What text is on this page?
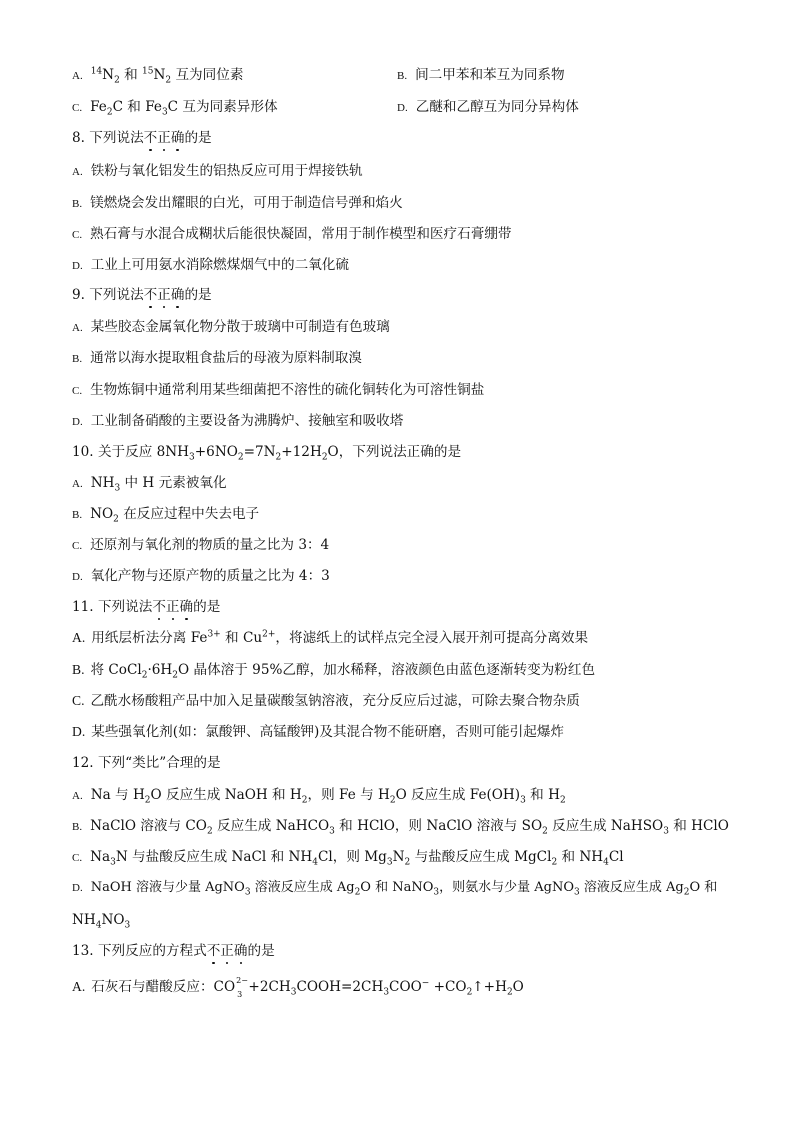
A. $^{14}N_2$ 和 $^{15}N_2$ 互为同位素	B. 间二甲苯和苯互为同系物
C. $Fe_2C$ 和 $Fe_3C$ 互为同素异形体	D. 乙醚和乙醇互为同分异构体
8. 下列说法不正确的是
A. 铁粉与氧化铝发生的铝热反应可用于焊接铁轨
B. 镁燃烧会发出耀眼的白光，可用于制造信号弹和焰火
C. 熟石膏与水混合成糊状后能很快凝固，常用于制作模型和医疗石膏绷带
D. 工业上可用氨水消除燃煤烟气中的二氧化硫
9. 下列说法不正确的是
A. 某些胶态金属氧化物分散于玻璃中可制造有色玻璃
B. 通常以海水提取粗食盐后的母液为原料制取溴
C. 生物炼铜中通常利用某些细菌把不溶性的硫化铜转化为可溶性铜盐
D. 工业制备硝酸的主要设备为沸腾炉、接触室和吸收塔
10. 关于反应 $8NH_3+6NO_2=7N_2+12H_2O$，下列说法正确的是
A. $NH_3$ 中 H 元素被氧化
B. $NO_2$ 在反应过程中失去电子
C. 还原剂与氧化剂的物质的量之比为 3：4
D. 氧化产物与还原产物的质量之比为 4：3
11. 下列说法不正确的是
A. 用纸层析法分离 $Fe^{3+}$ 和 $Cu^{2+}$，将滤纸上的试样点完全浸入展开剂可提高分离效果
B. 将 $CoCl_2\cdot 6H_2O$ 晶体溶于 95%乙醇，加水稀释，溶液颜色由蓝色逐渐转变为粉红色
C. 乙酰水杨酸粗产品中加入足量碳酸氢钠溶液，充分反应后过滤，可除去聚合物杂质
D. 某些强氧化剂(如：氯酸钾、高锰酸钾)及其混合物不能研磨，否则可能引起爆炸
12. 下列“类比”合理的是
A. Na 与 $H_2O$ 反应生成 NaOH 和 $H_2$，则 Fe 与 $H_2O$ 反应生成 $Fe(OH)_3$ 和 $H_2$
B. NaClO 溶液与 $CO_2$ 反应生成 NaHCO$_3$ 和 HClO，则 NaClO 溶液与 $SO_2$ 反应生成 NaHSO$_3$ 和 HClO
C. $Na_3N$ 与盐酸反应生成 NaCl 和 $NH_4Cl$，则 $Mg_3N_2$ 与盐酸反应生成 MgCl$_2$ 和 $NH_4Cl$
D. NaOH 溶液与少量 AgNO$_3$ 溶液反应生成 $Ag_2O$ 和 NaNO$_3$，则氨水与少量 AgNO$_3$ 溶液反应生成 $Ag_2O$ 和
$NH_4NO_3$
13. 下列反应的方程式不正确的是
A. 石灰石与醋酸反应：CO 2−
$3 +2CH_3COOH=2CH_3COO^-$ $+CO_2↑+H_2O$
